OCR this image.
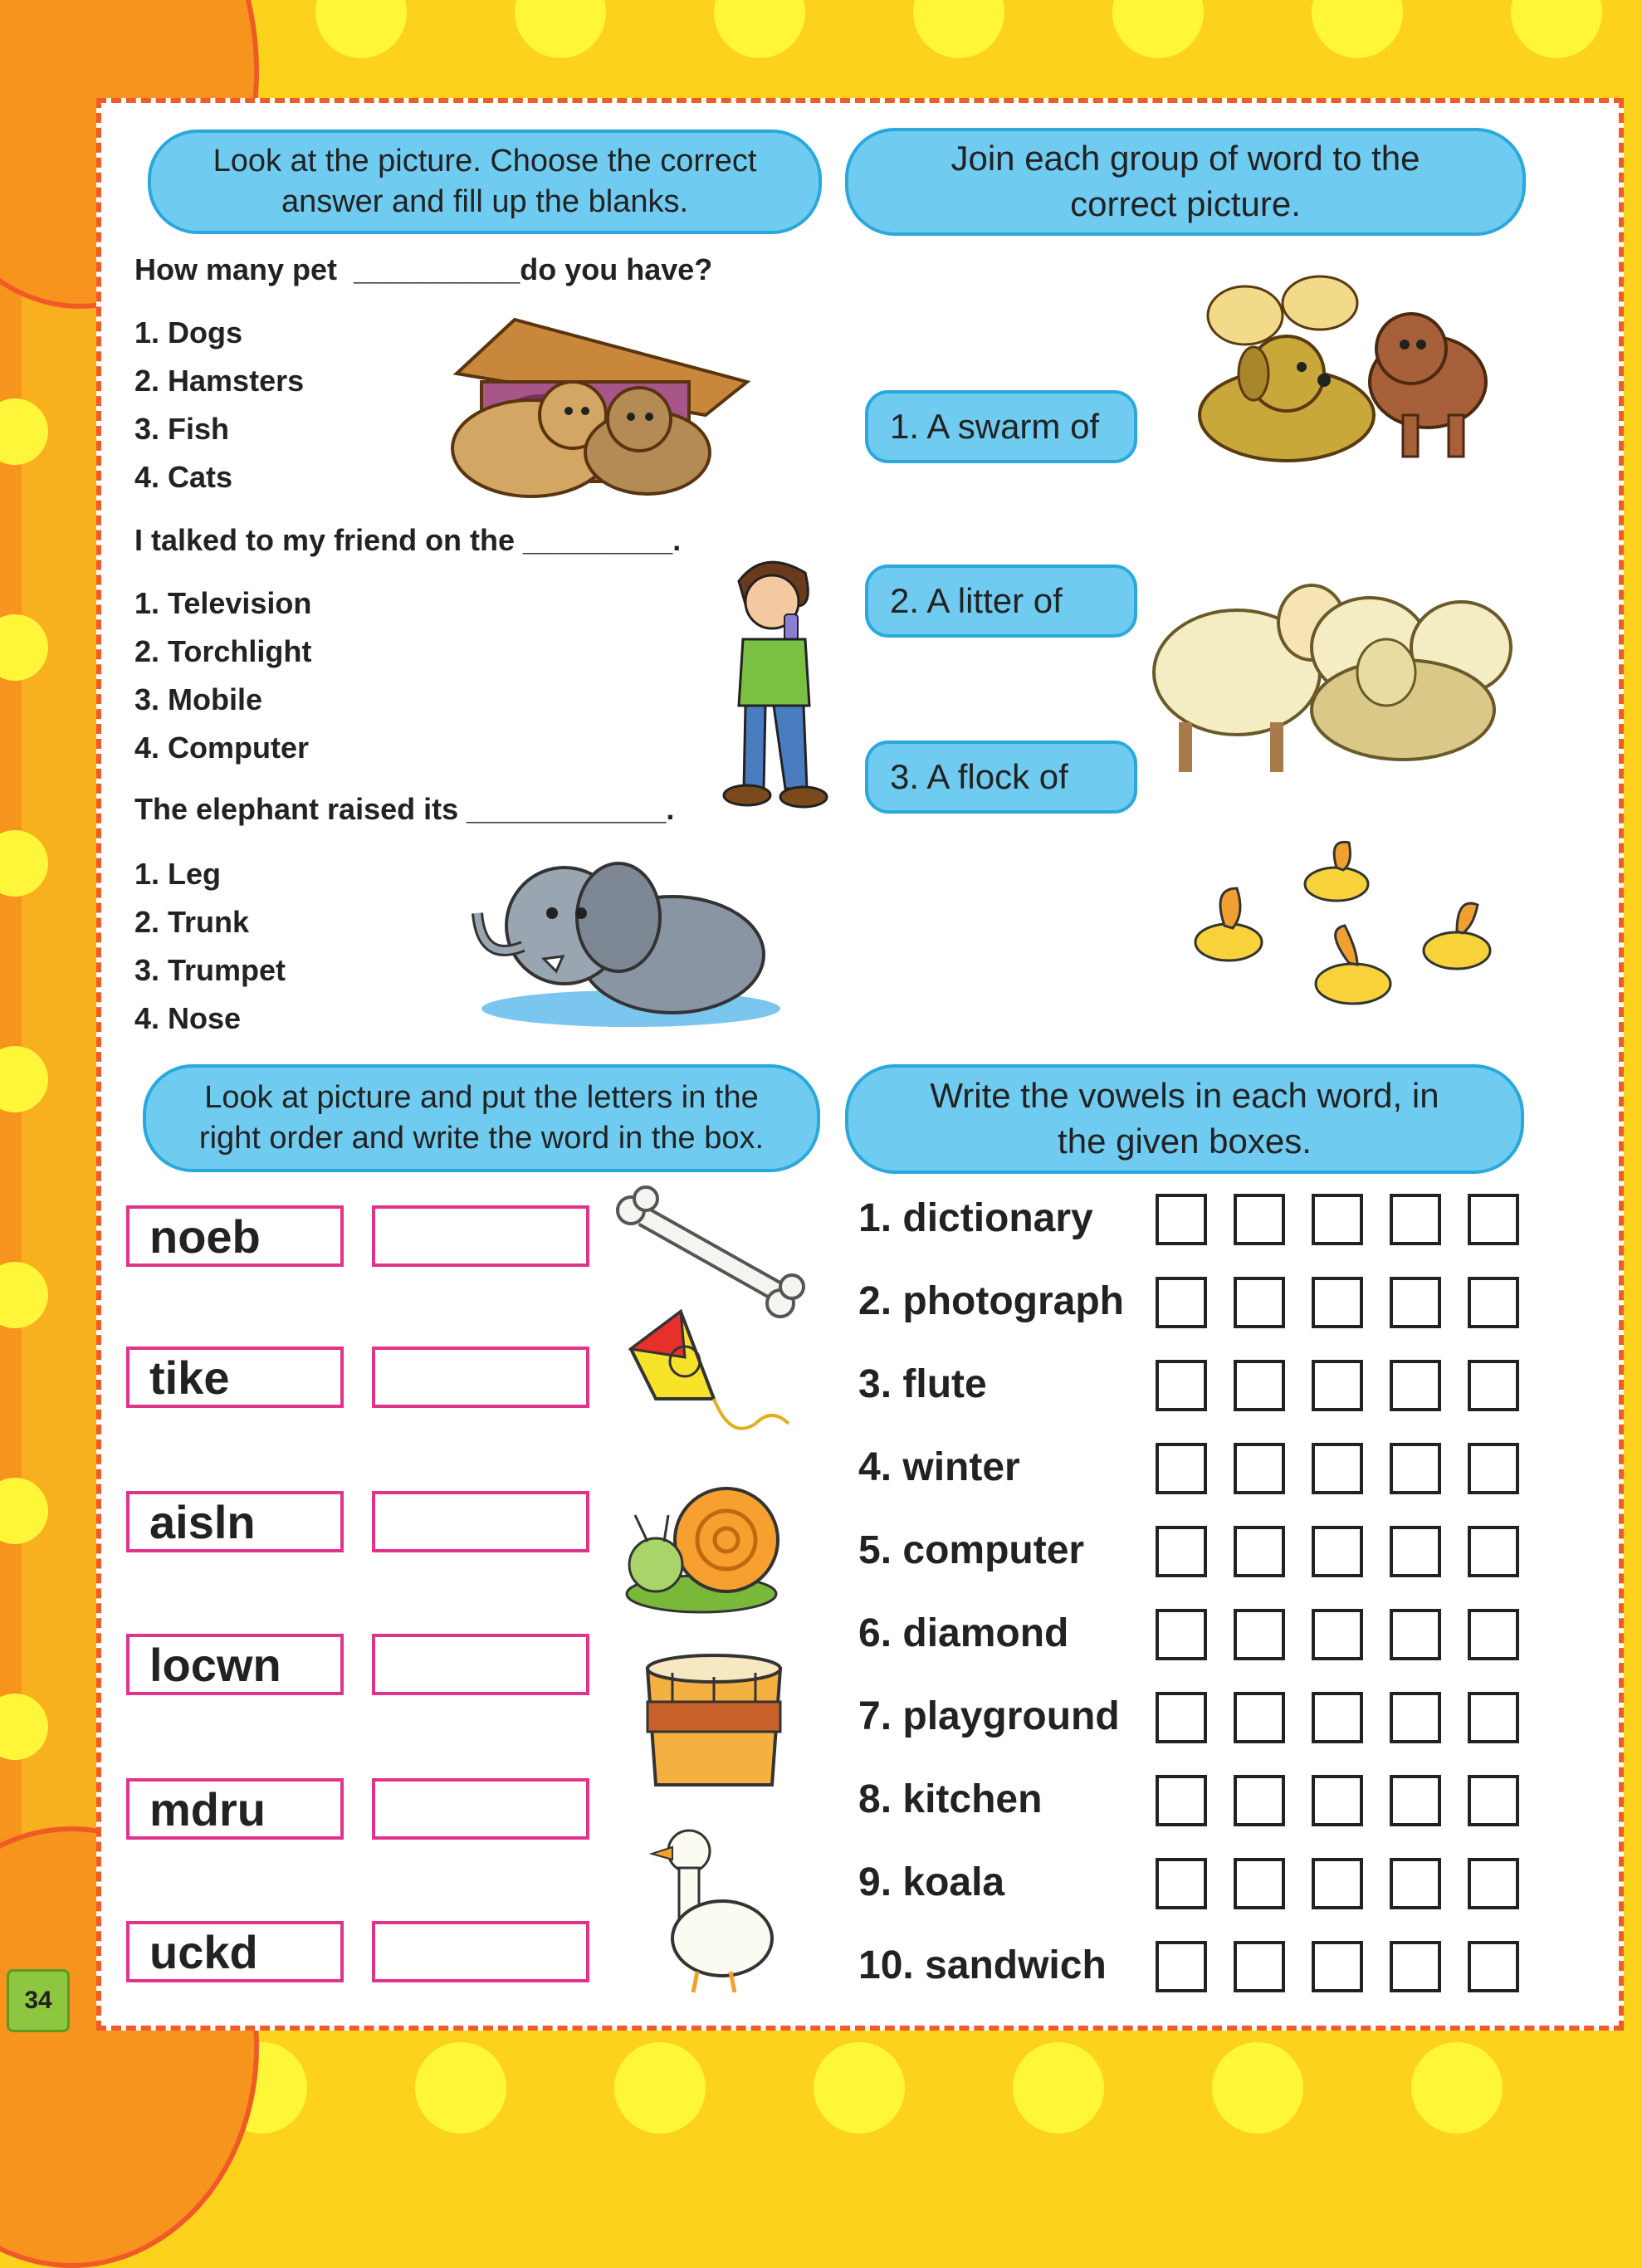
34
Look at the picture. Choose the correct
answer and fill up the blanks.
How many pet  __________do you have?
1. Dogs
2. Hamsters
3. Fish
4. Cats
I talked to my friend on the _________.
1. Television
2. Torchlight
3. Mobile
4. Computer
The elephant raised its ____________.
1. Leg
2. Trunk
3. Trumpet
4. Nose
Join each group of word to the
correct picture.
1. A swarm of
2. A litter of
3. A flock of
Look at picture and put the letters in the
right order and write the word in the box.
noeb
tike
aisln
locwn
mdru
uckd
Write the vowels in each word, in
the given boxes.
1. dictionary
2. photograph
3. flute
4. winter
5. computer
6. diamond
7. playground
8. kitchen
9. koala
10. sandwich
